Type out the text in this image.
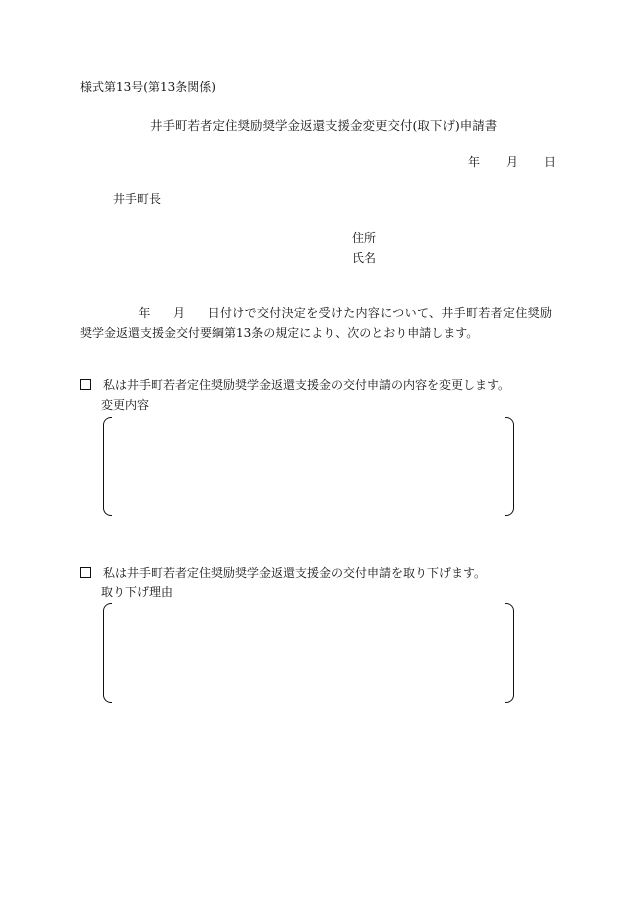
様式第13号(第13条関係)
井手町若者定住奨励奨学金返還支援金変更交付(取下げ)申請書
年 月 日
井手町長
住所
氏名
年 月 日付けで交付決定を受けた内容について、井手町若者定住奨励奨学金返還支援金交付要綱第13条の規定により、次のとおり申請します。
私は井手町若者定住奨励奨学金返還支援金の交付申請の内容を変更します。
変更内容
私は井手町若者定住奨励奨学金返還支援金の交付申請を取り下げます。
取り下げ理由
